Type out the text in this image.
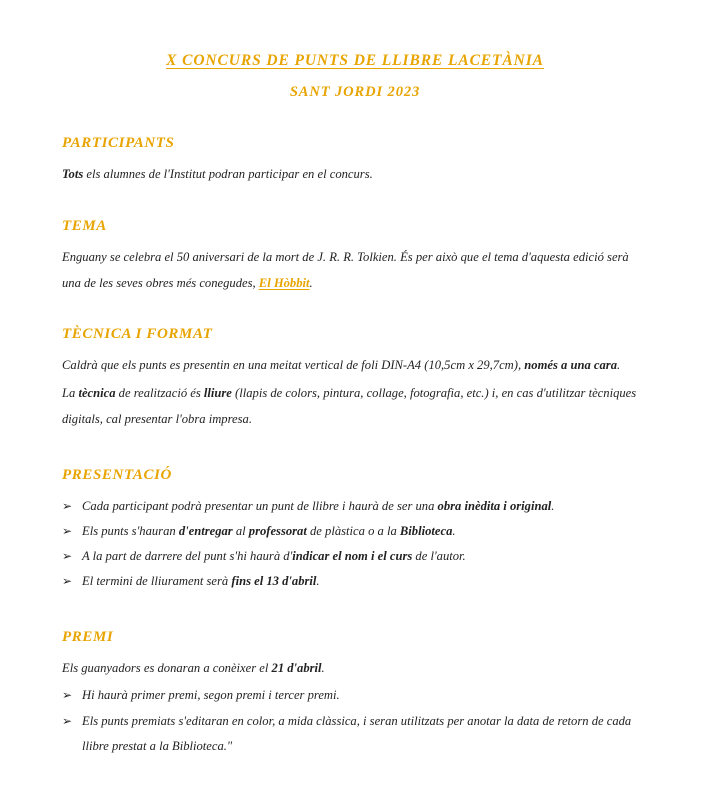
X CONCURS DE PUNTS DE LLIBRE LACETÀNIA
SANT JORDI 2023
PARTICIPANTS

Tots els alumnes de l'Institut podran participar en el concurs.

TEMA

Enguany se celebra el 50 aniversari de la mort de J. R. R. Tolkien. És per això que el tema d'aquesta edició serà una de les seves obres més conegudes, El Hòbbit.

TÈCNICA I FORMAT

Caldrà que els punts es presentin en una meitat vertical de foli DIN-A4 (10,5cm x 29,7cm), només a una cara.

La tècnica de realització és lliure (llapis de colors, pintura, collage, fotografia, etc.) i, en cas d'utilitzar tècniques digitals, cal presentar l'obra impresa.

PRESENTACIÓ
➢ Cada participant podrà presentar un punt de llibre i haurà de ser una obra inèdita i original.
➢ Els punts s'hauran d'entregar al professorat de plàstica o a la Biblioteca.
➢ A la part de darrere del punt s'hi haurà d'indicar el nom i el curs de l'autor.
➢ El termini de lliurament serà fins el 13 d'abril.
PREMI

Els guanyadors es donaran a conèixer el 21 d'abril.

➢ Hi haurà primer premi, segon premi i tercer premi.
➢ Els punts premiats s'editaran en color, a mida clàssica, i seran utilitzats per anotar la data de retorn de cada llibre prestat a la Biblioteca."
